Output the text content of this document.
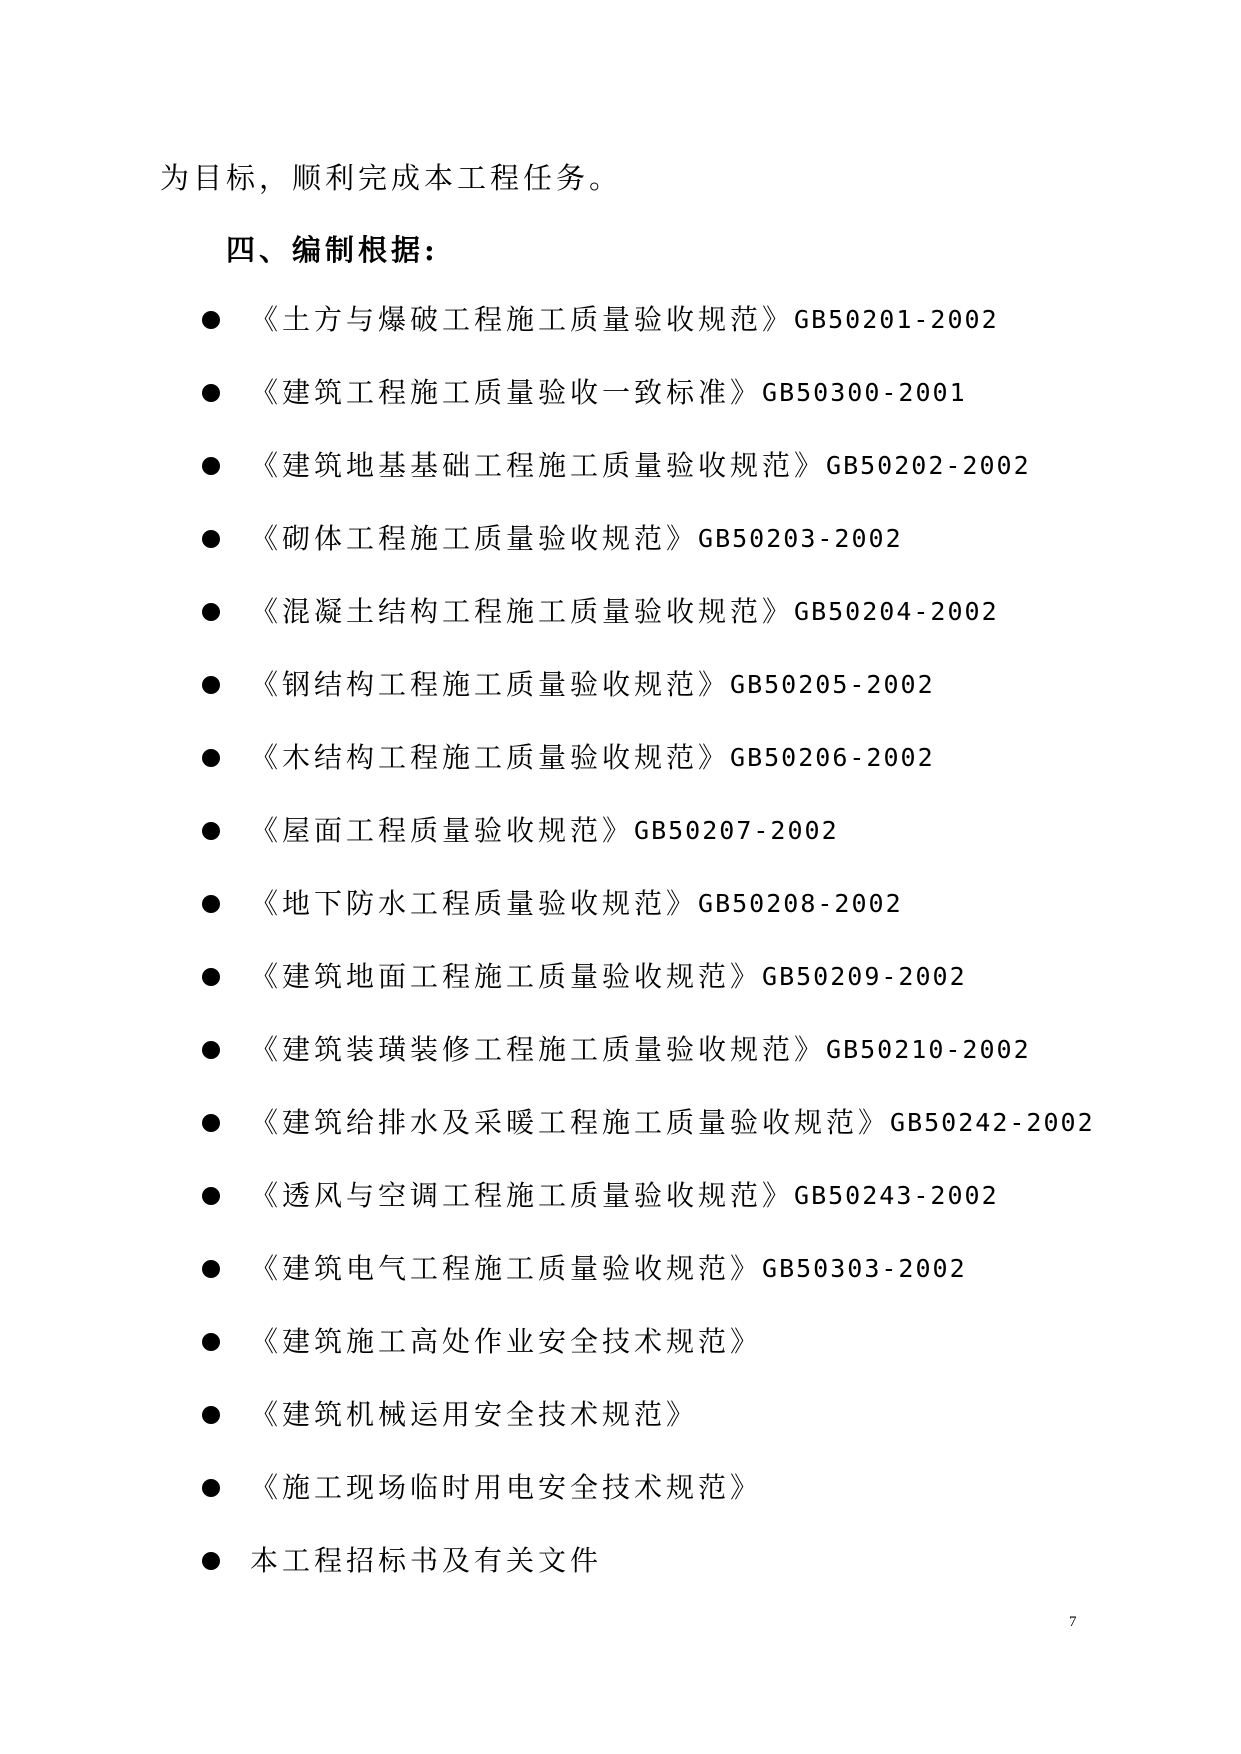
为目标，顺利完成本工程任务。
四、编制根据:
《土方与爆破工程施工质量验收规范》 GB50201-2002
《建筑工程施工质量验收一致标准》 GB50300-2001
《建筑地基基础工程施工质量验收规范》 GB50202-2002
《砌体工程施工质量验收规范》 GB50203-2002
《混凝土结构工程施工质量验收规范》 GB50204-2002
《钢结构工程施工质量验收规范》 GB50205-2002
《木结构工程施工质量验收规范》 GB50206-2002
《屋面工程质量验收规范》 GB50207-2002
《地下防水工程质量验收规范》 GB50208-2002
《建筑地面工程施工质量验收规范》 GB50209-2002
《建筑装璜装修工程施工质量验收规范》 GB50210-2002
《建筑给排水及采暖工程施工质量验收规范》 GB50242-2002
《透风与空调工程施工质量验收规范》 GB50243-2002
《建筑电气工程施工质量验收规范》 GB50303-2002
《建筑施工高处作业安全技术规范》
《建筑机械运用安全技术规范》
《施工现场临时用电安全技术规范》
本工程招标书及有关文件
7
